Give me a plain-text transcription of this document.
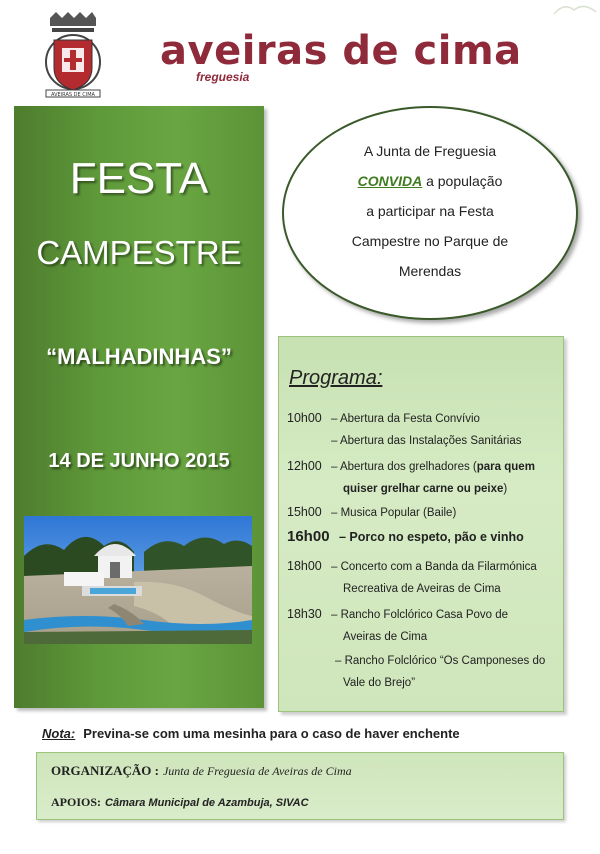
AVEIRAS DE CIMA
aveiras de cima
freguesia
FESTA
CAMPESTRE
“MALHADINHAS”
14 DE JUNHO 2015
A Junta de Freguesia
CONVIDA a população
a participar na Festa
Campestre no Parque de
Merendas
Programa:
10h00 – Abertura da Festa Convívio
– Abertura das Instalações Sanitárias
12h00 – Abertura dos grelhadores (para quem
quiser grelhar carne ou peixe)
15h00 – Musica Popular (Baile)
16h00 – Porco no espeto, pão e vinho
18h00 – Concerto com a Banda da Filarmónica
Recreativa de Aveiras de Cima
18h30 – Rancho Folclórico Casa Povo de
Aveiras de Cima
– Rancho Folclórico “Os Camponeses do
Vale do Brejo”
Nota: Previna-se com uma mesinha para o caso de haver enchente
ORGANIZAÇÃO : Junta de Freguesia de Aveiras de Cima
APOIOS: Câmara Municipal de Azambuja, SIVAC
